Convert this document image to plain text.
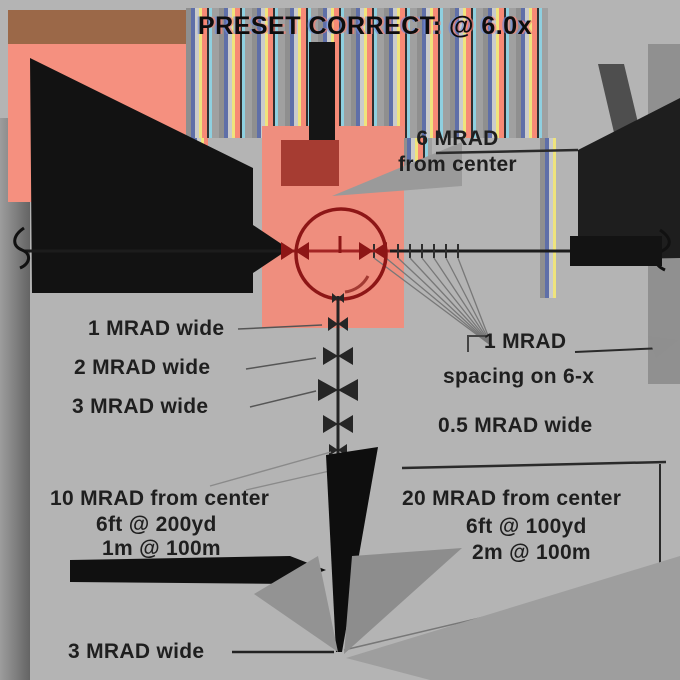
PRESET CORRECT: @ 6.0x
6 MRAD
from center
1 MRAD wide
2 MRAD wide
3 MRAD wide
1 MRAD
spacing on 6-x
0.5 MRAD wide
10 MRAD from center
6ft @ 200yd
1m @ 100m
20 MRAD from center
6ft @ 100yd
2m @ 100m
3 MRAD wide
